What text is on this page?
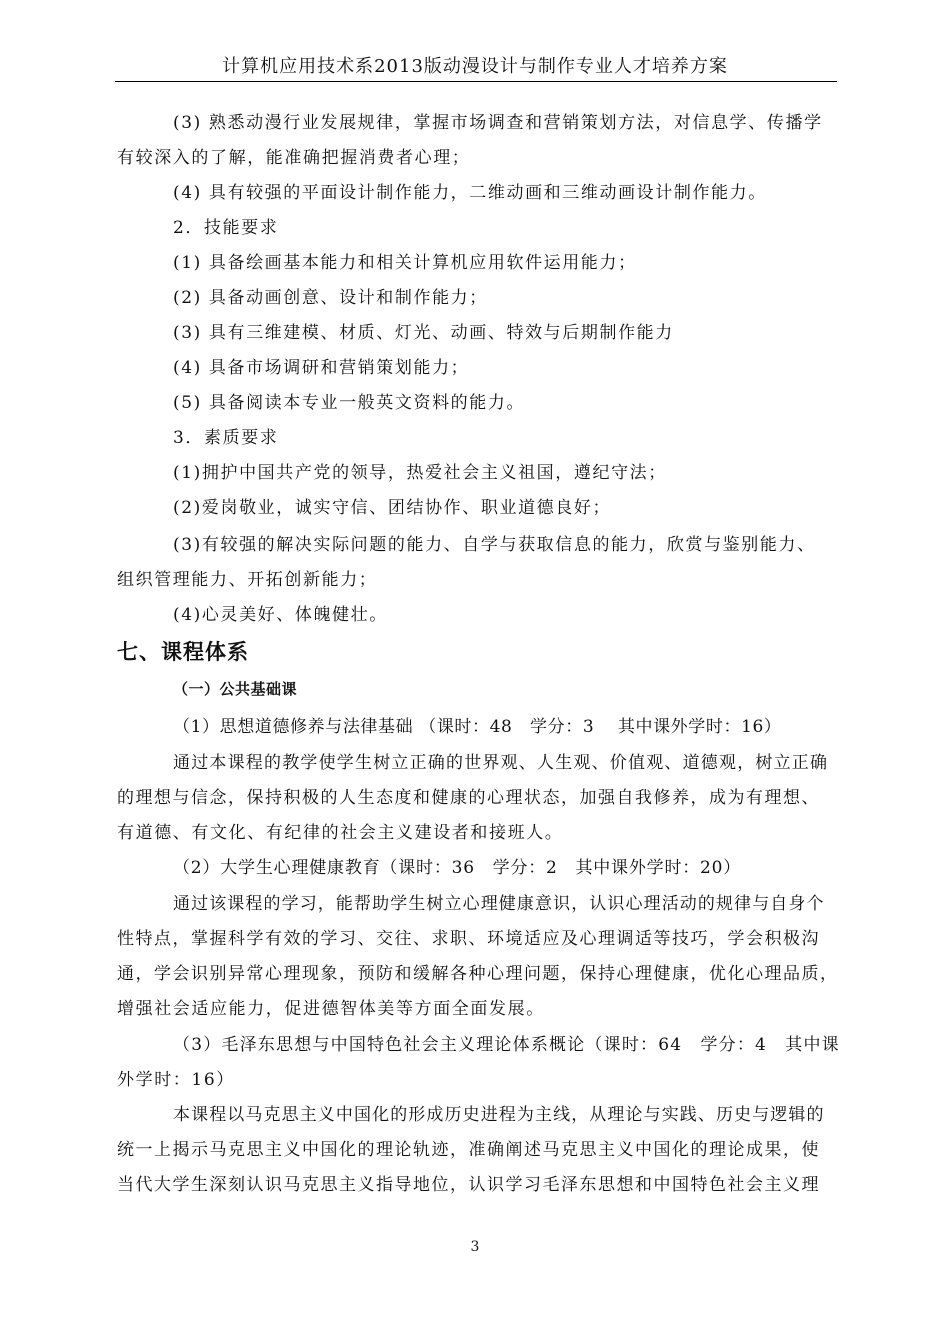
计算机应用技术系2013版动漫设计与制作专业人才培养方案
(3) 熟悉动漫行业发展规律，掌握市场调查和营销策划方法，对信息学、传播学
有较深入的了解，能准确把握消费者心理；
(4) 具有较强的平面设计制作能力，二维动画和三维动画设计制作能力。
2．技能要求
(1) 具备绘画基本能力和相关计算机应用软件运用能力；
(2) 具备动画创意、设计和制作能力；
(3) 具有三维建模、材质、灯光、动画、特效与后期制作能力
(4) 具备市场调研和营销策划能力；
(5) 具备阅读本专业一般英文资料的能力。
3．素质要求
(1)拥护中国共产党的领导，热爱社会主义祖国，遵纪守法；
(2)爱岗敬业，诚实守信、团结协作、职业道德良好；
(3)有较强的解决实际问题的能力、自学与获取信息的能力，欣赏与鉴别能力、
组织管理能力、开拓创新能力；
(4)心灵美好、体魄健壮。
七、课程体系
（一）公共基础课
（1）思想道德修养与法律基础 （课时：48　学分：3　 其中课外学时：16）
通过本课程的教学使学生树立正确的世界观、人生观、价值观、道德观，树立正确
的理想与信念，保持积极的人生态度和健康的心理状态，加强自我修养，成为有理想、
有道德、有文化、有纪律的社会主义建设者和接班人。
（2）大学生心理健康教育（课时：36　学分：2　其中课外学时：20）
通过该课程的学习，能帮助学生树立心理健康意识，认识心理活动的规律与自身个
性特点，掌握科学有效的学习、交往、求职、环境适应及心理调适等技巧，学会积极沟
通，学会识别异常心理现象，预防和缓解各种心理问题，保持心理健康，优化心理品质，
增强社会适应能力，促进德智体美等方面全面发展。
（3）毛泽东思想与中国特色社会主义理论体系概论（课时：64　学分：4　其中课
外学时：16）
本课程以马克思主义中国化的形成历史进程为主线，从理论与实践、历史与逻辑的
统一上揭示马克思主义中国化的理论轨迹，准确阐述马克思主义中国化的理论成果，使
当代大学生深刻认识马克思主义指导地位，认识学习毛泽东思想和中国特色社会主义理
3
